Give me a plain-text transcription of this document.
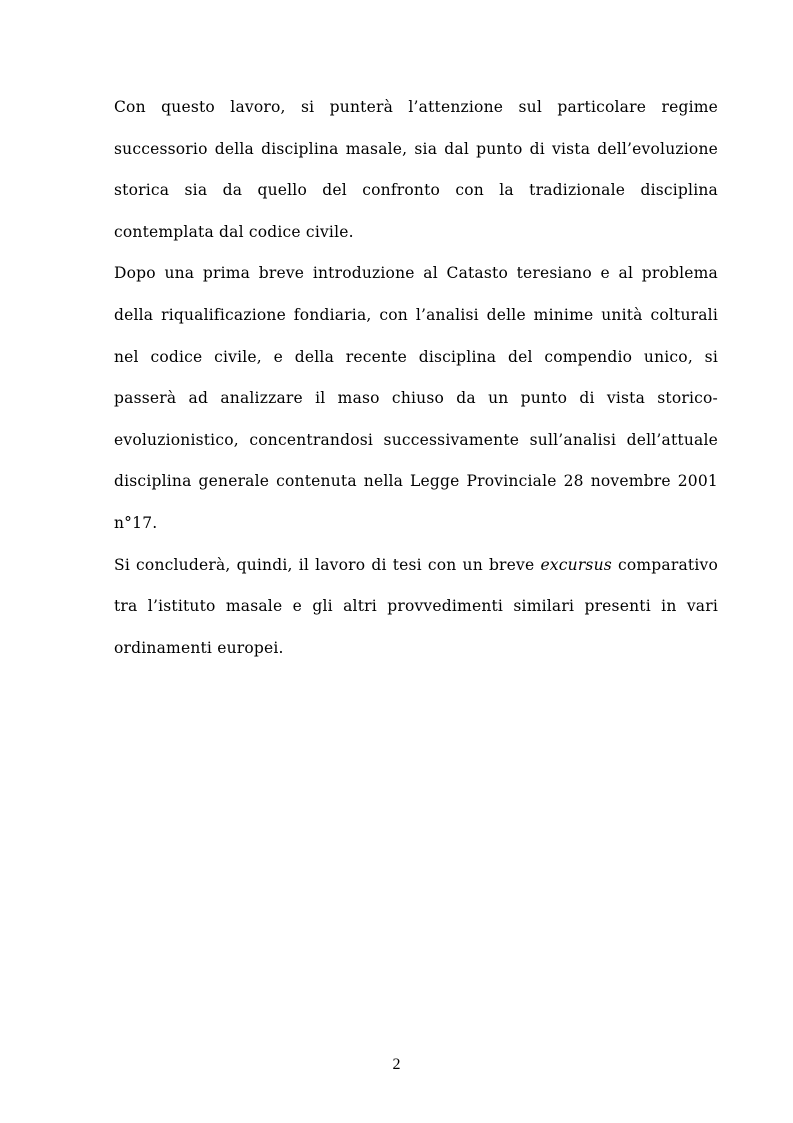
Con questo lavoro, si punterà l’attenzione sul particolare regime successorio della disciplina masale, sia dal punto di vista dell’evoluzione storica sia da quello del confronto con la tradizionale disciplina contemplata dal codice civile.

Dopo una prima breve introduzione al Catasto teresiano e al problema della riqualificazione fondiaria, con l’analisi delle minime unità colturali nel codice civile, e della recente disciplina del compendio unico, si passerà ad analizzare il maso chiuso da un punto di vista storico-evoluzionistico, concentrandosi successivamente sull’analisi dell’attuale disciplina generale contenuta nella Legge Provinciale 28 novembre 2001 n°17.

Si concluderà, quindi, il lavoro di tesi con un breve excursus comparativo tra l’istituto masale e gli altri provvedimenti similari presenti in vari ordinamenti europei.

2
